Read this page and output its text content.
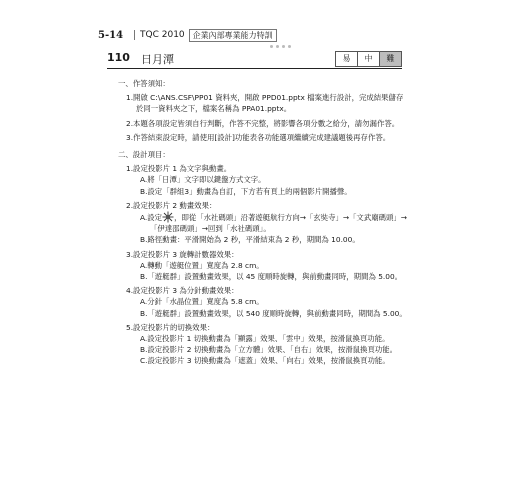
5-14 TQC 2010	企業內部專業能力特訓
110 日月潭	易	中	難
一、作答須知：
1.開啟 C:\ANS.CSF\PP01 資料夾，開啟 PPD01.pptx 檔案進行設計，完成結果儲存於同一資料夾之下，檔案名稱為 PPA01.pptx。
2.本題各項設定皆須自行判斷，作答不完整，將影響各項分數之給分，請勿漏作答。
3.作答結束設定時，請使用[設計]功能表各功能選項繼續完成建議題後再存作答。
二、設計項目：
1.設定投影片 1 為文字與動畫。
A.將「日潭」文字即以鍵盤方式文字。
B.設定「群組3」動畫為自訂，下方若有頁上的兩個影片開播聲。
2.設定投影片 2 動畫效果：
A.設定 ，即從「水社碼頭」沿著遊艇航行方向→「玄奘寺」→「文武廟碼頭」→「伊達邵碼頭」→回到「水社碼頭」。
B.路徑動畫：平滑開始為 2 秒，平滑結束為 2 秒，期間為 10.00。
3.設定投影片 3 旋轉計數器效果：
A.轉動「遊艇位置」寬度為 2.8 cm。
B.「遊艇群」設置動畫效果，以 45 度順時旋轉，與前動畫同時，期間為 5.00。
4.設定投影片 3 為分針動畫效果：
A.分針「水晶位置」寬度為 5.8 cm。
B.「遊艇群」設置動畫效果，以 540 度順時旋轉，與前動畫同時，期間為 5.00。
5.設定投影片的切換效果：
A.設定投影片 1 切換動畫為「顯露」效果、「雲中」效果，按滑鼠換頁功能。
B.設定投影片 2 切換動畫為「立方體」效果、「自右」效果，按滑鼠換頁功能。
C.設定投影片 3 切換動畫為「遮蓋」效果、「向右」效果，按滑鼠換頁功能。
